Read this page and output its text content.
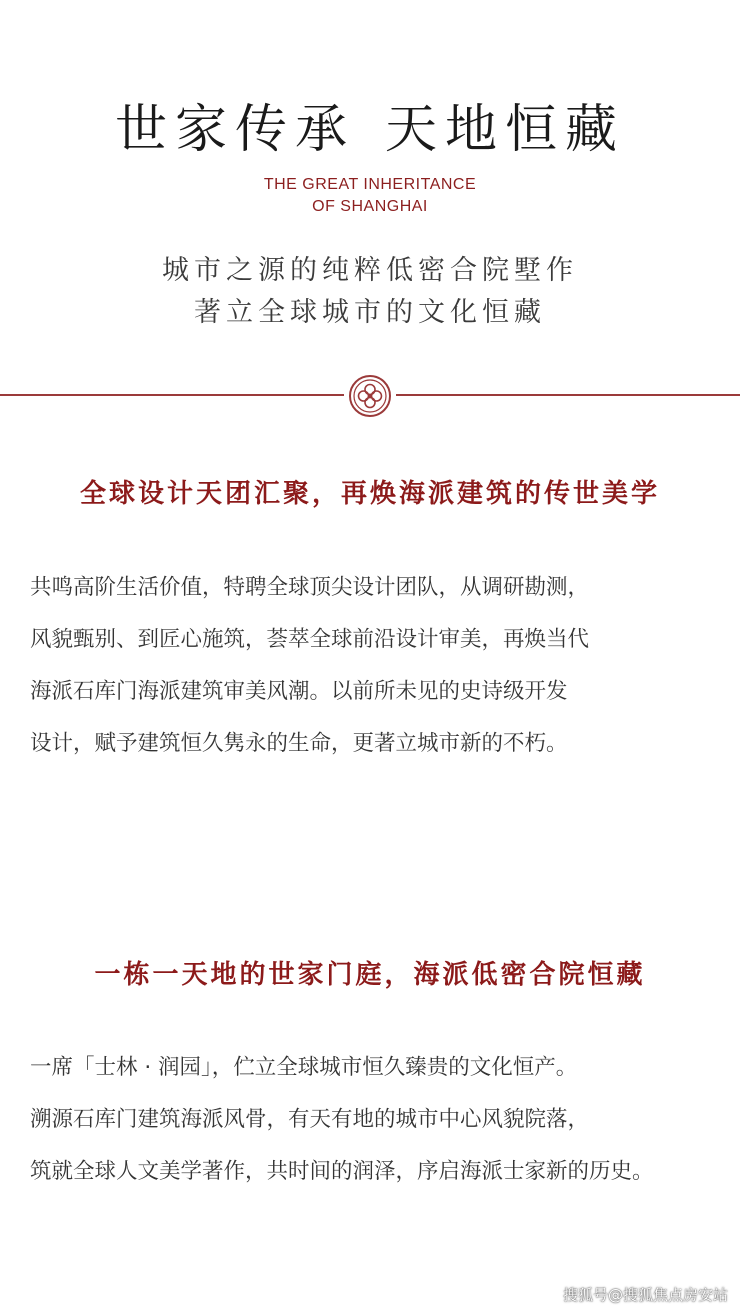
世家传承 天地恒藏
THE GREAT INHERITANCE
OF SHANGHAI
城市之源的纯粹低密合院墅作
著立全球城市的文化恒藏
全球设计天团汇聚，再焕海派建筑的传世美学
共鸣高阶生活价值，特聘全球顶尖设计团队，从调研勘测，
风貌甄别、到匠心施筑，荟萃全球前沿设计审美，再焕当代
海派石库门海派建筑审美风潮。以前所未见的史诗级开发
设计，赋予建筑恒久隽永的生命，更著立城市新的不朽。
一栋一天地的世家门庭，海派低密合院恒藏
一席「士林 · 润园」，伫立全球城市恒久臻贵的文化恒产。
溯源石库门建筑海派风骨，有天有地的城市中心风貌院落，
筑就全球人文美学著作，共时间的润泽，序启海派士家新的历史。
搜狐号@搜狐焦点房安站
